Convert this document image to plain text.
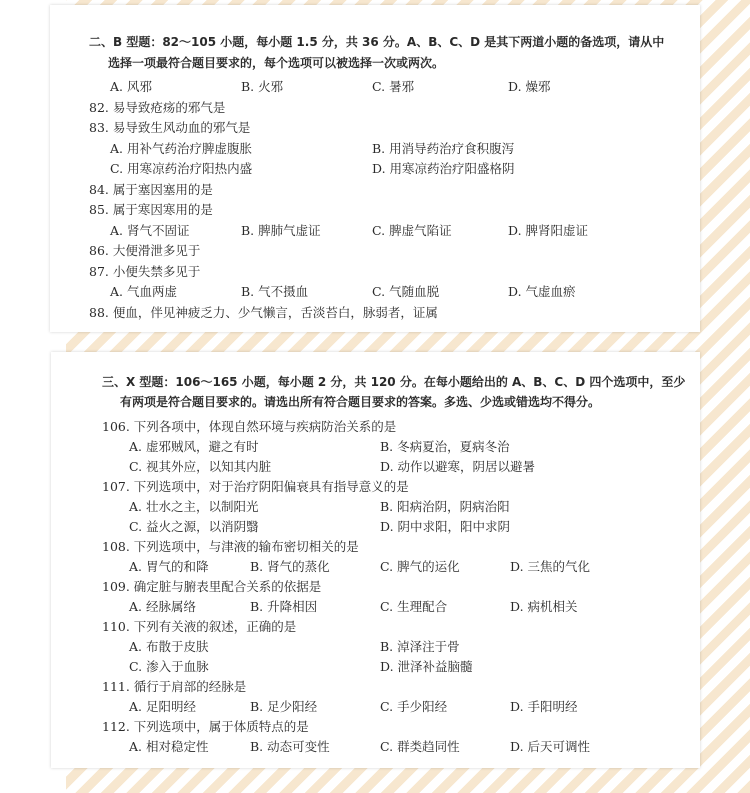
二、B 型题：82～105 小题，每小题 1.5 分，共 36 分。A、B、C、D 是其下两道小题的备选项，请从中
选择一项最符合题目要求的，每个选项可以被选择一次或两次。
A. 风邪	B. 火邪	C. 暑邪	D. 燥邪
82. 易导致疮疡的邪气是
83. 易导致生风动血的邪气是
A. 用补气药治疗脾虚腹胀	B. 用消导药治疗食积腹泻
C. 用寒凉药治疗阳热内盛	D. 用寒凉药治疗阳盛格阴
84. 属于塞因塞用的是
85. 属于寒因寒用的是
A. 肾气不固证	B. 脾肺气虚证	C. 脾虚气陷证	D. 脾肾阳虚证
86. 大便滑泄多见于
87. 小便失禁多见于
A. 气血两虚	B. 气不摄血	C. 气随血脱	D. 气虚血瘀
88. 便血，伴见神疲乏力、少气懒言，舌淡苔白，脉弱者，证属
三、X 型题：106～165 小题，每小题 2 分，共 120 分。在每小题给出的 A、B、C、D 四个选项中，至少
有两项是符合题目要求的。请选出所有符合题目要求的答案。多选、少选或错选均不得分。
106. 下列各项中，体现自然环境与疾病防治关系的是
A. 虚邪贼风，避之有时	B. 冬病夏治，夏病冬治
C. 视其外应，以知其内脏	D. 动作以避寒，阴居以避暑
107. 下列选项中，对于治疗阴阳偏衰具有指导意义的是
A. 壮水之主，以制阳光	B. 阳病治阴，阴病治阳
C. 益火之源，以消阴翳	D. 阴中求阳，阳中求阴
108. 下列选项中，与津液的输布密切相关的是
A. 胃气的和降	B. 肾气的蒸化	C. 脾气的运化	D. 三焦的气化
109. 确定脏与腑表里配合关系的依据是
A. 经脉属络	B. 升降相因	C. 生理配合	D. 病机相关
110. 下列有关液的叙述，正确的是
A. 布散于皮肤	B. 淖泽注于骨
C. 渗入于血脉	D. 泄泽补益脑髓
111. 循行于肩部的经脉是
A. 足阳明经	B. 足少阳经	C. 手少阳经	D. 手阳明经
112. 下列选项中，属于体质特点的是
A. 相对稳定性	B. 动态可变性	C. 群类趋同性	D. 后天可调性
